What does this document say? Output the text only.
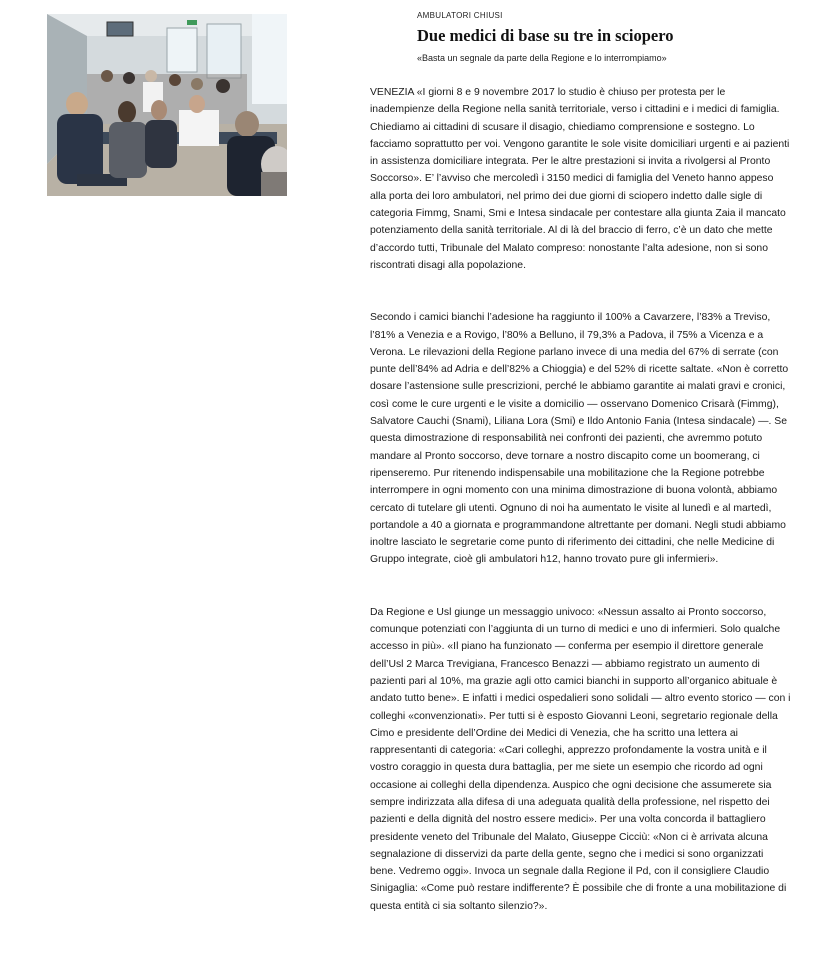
AMBULATORI CHIUSI
Due medici di base su tre in sciopero
«Basta un segnale da parte della Regione e lo interrompiamo»

VENEZIA «I giorni 8 e 9 novembre 2017 lo studio è chiuso per protesta per le inadempienze della Regione nella sanità territoriale, verso i cittadini e i medici di famiglia. Chiediamo ai cittadini di scusare il disagio, chiediamo comprensione e sostegno. Lo facciamo soprattutto per voi. Vengono garantite le sole visite domiciliari urgenti e ai pazienti in assistenza domiciliare integrata. Per le altre prestazioni si invita a rivolgersi al Pronto Soccorso». E’ l’avviso che mercoledì i 3150 medici di famiglia del Veneto hanno appeso alla porta dei loro ambulatori, nel primo dei due giorni di sciopero indetto dalle sigle di categoria Fimmg, Snami, Smi e Intesa sindacale per contestare alla giunta Zaia il mancato potenziamento della sanità territoriale. Al di là del braccio di ferro, c’è un dato che mette d’accordo tutti, Tribunale del Malato compreso: nonostante l’alta adesione, non si sono riscontrati disagi alla popolazione.

Secondo i camici bianchi l’adesione ha raggiunto il 100% a Cavarzere, l’83% a Treviso, l’81% a Venezia e a Rovigo, l’80% a Belluno, il 79,3% a Padova, il 75% a Vicenza e a Verona. Le rilevazioni della Regione parlano invece di una media del 67% di serrate (con punte dell’84% ad Adria e dell’82% a Chioggia) e del 52% di ricette saltate. «Non è corretto dosare l’astensione sulle prescrizioni, perché le abbiamo garantite ai malati gravi e cronici, così come le cure urgenti e le visite a domicilio — osservano Domenico Crisarà (Fimmg), Salvatore Cauchi (Snami), Liliana Lora (Smi) e Ildo Antonio Fania (Intesa sindacale) —. Se questa dimostrazione di responsabilità nei confronti dei pazienti, che avremmo potuto mandare al Pronto soccorso, deve tornare a nostro discapito come un boomerang, ci ripenseremo. Pur ritenendo indispensabile una mobilitazione che la Regione potrebbe interrompere in ogni momento con una minima dimostrazione di buona volontà, abbiamo cercato di tutelare gli utenti. Ognuno di noi ha aumentato le visite al lunedì e al martedì, portandole a 40 a giornata e programmandone altrettante per domani. Negli studi abbiamo inoltre lasciato le segretarie come punto di riferimento dei cittadini, che nelle Medicine di Gruppo integrate, cioè gli ambulatori h12, hanno trovato pure gli infermieri».

Da Regione e Usl giunge un messaggio univoco: «Nessun assalto ai Pronto soccorso, comunque potenziati con l’aggiunta di un turno di medici e uno di infermieri. Solo qualche accesso in più». «Il piano ha funzionato — conferma per esempio il direttore generale dell’Usl 2 Marca Trevigiana, Francesco Benazzi — abbiamo registrato un aumento di pazienti pari al 10%, ma grazie agli otto camici bianchi in supporto all’organico abituale è andato tutto bene». E infatti i medici ospedalieri sono solidali — altro evento storico — con i colleghi «convenzionati». Per tutti si è esposto Giovanni Leoni, segretario regionale della Cimo e presidente dell’Ordine dei Medici di Venezia, che ha scritto una lettera ai rappresentanti di categoria: «Cari colleghi, apprezzo profondamente la vostra unità e il vostro coraggio in questa dura battaglia, per me siete un esempio che ricordo ad ogni occasione ai colleghi della dipendenza. Auspico che ogni decisione che assumerete sia sempre indirizzata alla difesa di una adeguata qualità della professione, nel rispetto dei pazienti e della dignità del nostro essere medici». Per una volta concorda il battagliero presidente veneto del Tribunale del Malato, Giuseppe Cicciù: «Non ci è arrivata alcuna segnalazione di disservizi da parte della gente, segno che i medici si sono organizzati bene. Vedremo oggi». Invoca un segnale dalla Regione il Pd, con il consigliere Claudio Sinigaglia: «Come può restare indifferente? È possibile che di fronte a una mobilitazione di questa entità ci sia soltanto silenzio?».
